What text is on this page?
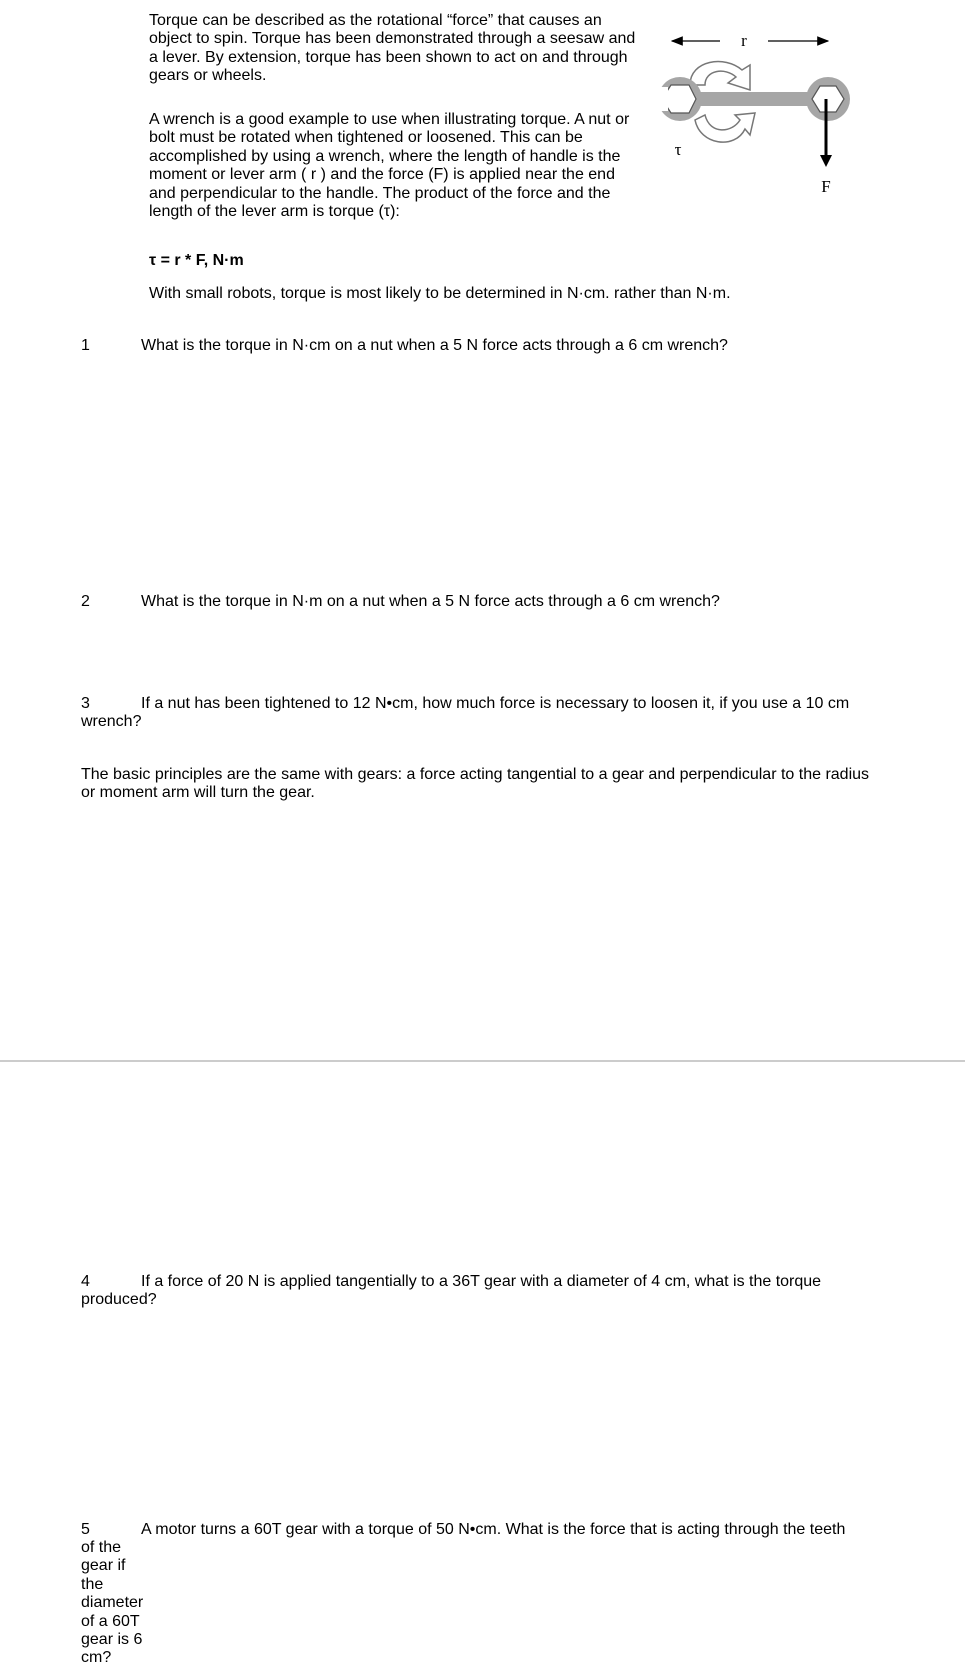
Torque can be described as the rotational “force” that causes an object to spin. Torque has been demonstrated through a seesaw and a lever. By extension, torque has been shown to act on and through gears or wheels.

A wrench is a good example to use when illustrating torque. A nut or bolt must be rotated when tightened or loosened. This can be accomplished by using a wrench, where the length of handle is the moment or lever arm ( r ) and the force (F) is applied near the end and perpendicular to the handle. The product of the force and the length of the lever arm is torque (τ):

τ = r * F, N·m
With small robots, torque is most likely to be determined in N·cm. rather than N·m.
r
τ
F
1	What is the torque in N·cm on a nut when a 5 N force acts through a 6 cm wrench?
2	What is the torque in N·m on a nut when a 5 N force acts through a 6 cm wrench?
3	If a nut has been tightened to 12 N•cm, how much force is necessary to loosen it, if you use a 10 cm
wrench?

The basic principles are the same with gears: a force acting tangential to a gear and perpendicular to the radius or moment arm will turn the gear.

4	If a force of 20 N is applied tangentially to a 36T gear with a diameter of 4 cm, what is the torque
produced?
5	A motor turns a 60T gear with a torque of 50 N•cm. What is the force that is acting through the teeth
of the gear if the diameter of a 60T gear is 6 cm?
